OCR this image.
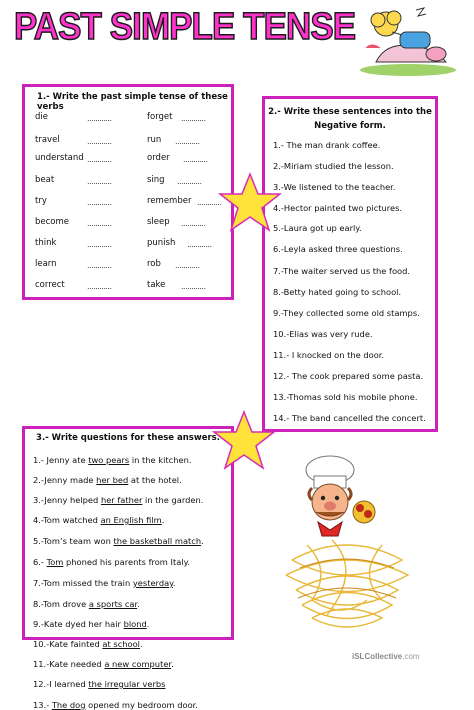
PAST SIMPLE TENSE
1.- Write the past simple tense of these verbs
die
travel
understand
beat
try
become
think
learn
correct
............
............
............
............
............
............
............
............
............
forget
run
order
sing
remember
sleep
punish
rob
take
............
............
............
............
............
............
............
............
............
2.- Write these sentences into the
Negative form.
1.- The man drank coffee.
2.-Miriam studied the lesson.
3.-We listened to the teacher.
4.-Hector painted two pictures.
5.-Laura got up early.
6.-Leyla asked three questions.
7.-The waiter served us the food.
8.-Betty hated going to school.
9.-They collected some old stamps.
10.-Elias was very rude.
11.- I knocked on the door.
12.- The cook prepared some pasta.
13.-Thomas sold his mobile phone.
14.- The band cancelled the concert.
3.- Write questions for these answers.
1.- Jenny ate two pears in the kitchen.
2.-Jenny made her bed at the hotel.
3.-Jenny helped her father in the garden.
4.-Tom watched an English film.
5.-Tom’s team won the basketball match.
6.- Tom phoned his parents from Italy.
7.-Tom missed the train yesterday.
8.-Tom drove a sports car.
9.-Kate dyed her hair blond.
10.-Kate fainted at school.
11.-Kate needed a new computer.
12.-I learned the irregular verbs
13.- The dog opened my bedroom door.
iSLCollective.com
